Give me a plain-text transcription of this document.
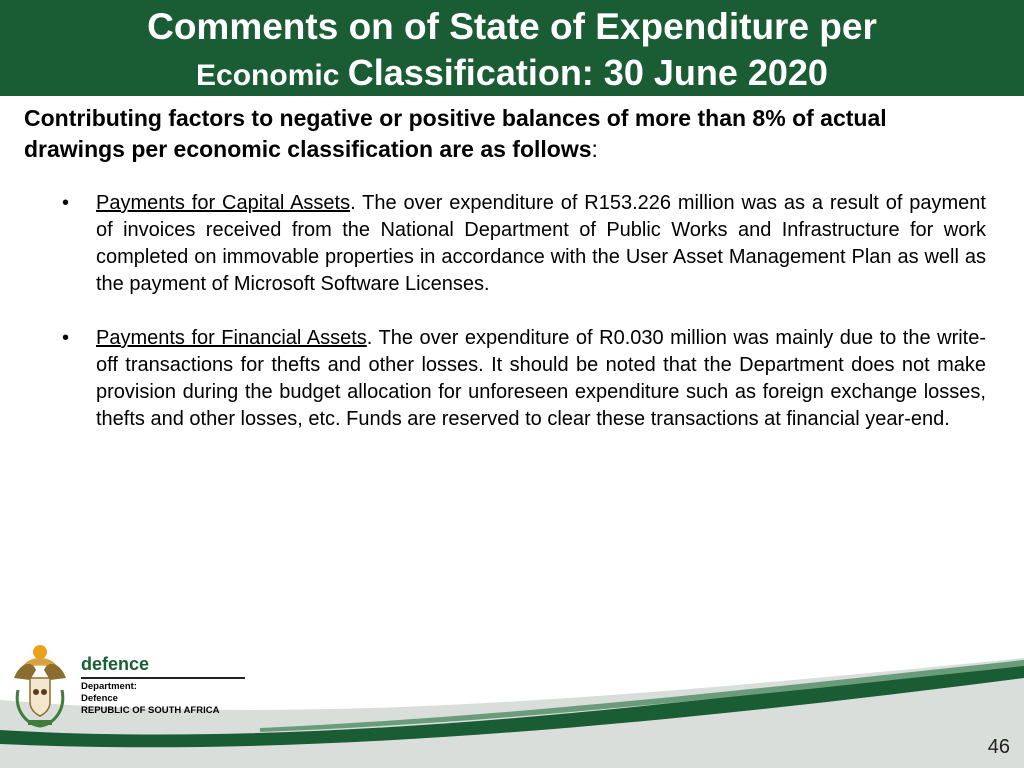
Comments on of State of Expenditure per
Economic Classification: 30 June 2020
Contributing factors to negative or positive balances of more than 8% of actual drawings per economic classification are as follows:
• Payments for Capital Assets. The over expenditure of R153.226 million was as a result of payment of invoices received from the National Department of Public Works and Infrastructure for work completed on immovable properties in accordance with the User Asset Management Plan as well as the payment of Microsoft Software Licenses.
• Payments for Financial Assets. The over expenditure of R0.030 million was mainly due to the write-off transactions for thefts and other losses. It should be noted that the Department does not make provision during the budget allocation for unforeseen expenditure such as foreign exchange losses, thefts and other losses, etc. Funds are reserved to clear these transactions at financial year-end.
defence
Department:
Defence
REPUBLIC OF SOUTH AFRICA
46
